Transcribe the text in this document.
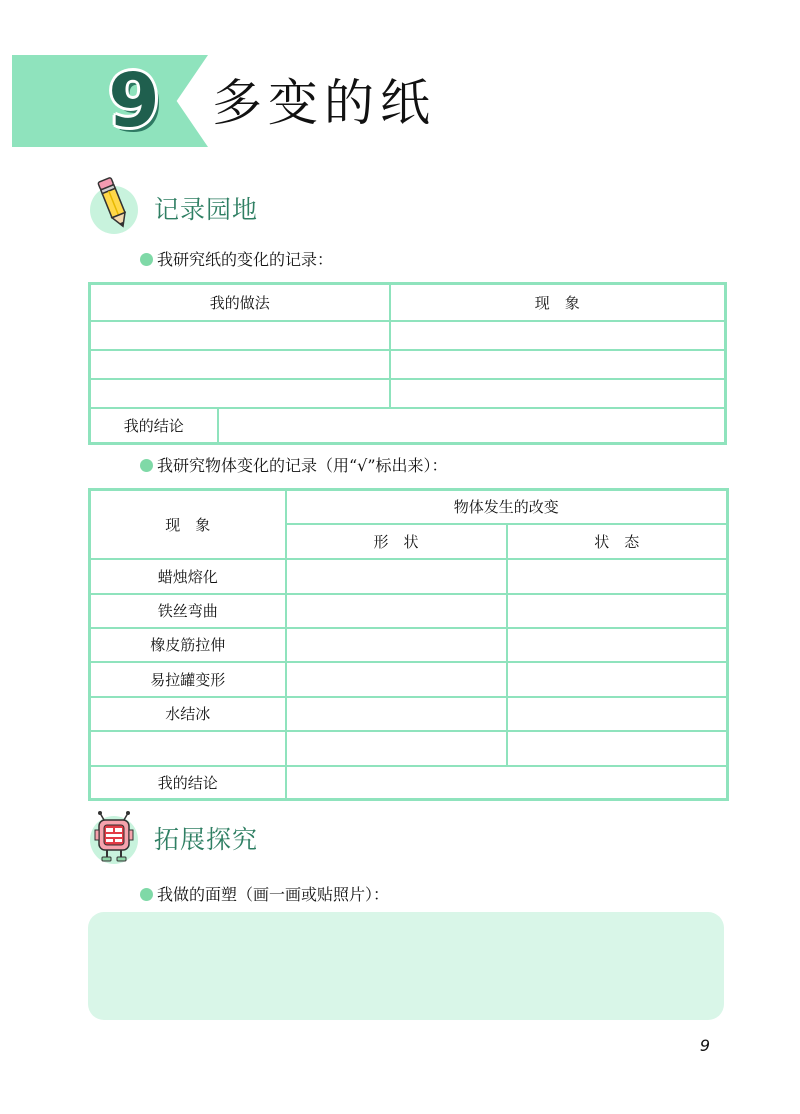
9 多变的纸
记录园地
我研究纸的变化的记录：
我的做法		现　象

我的结论		
我研究物体变化的记录（用“√”标出来）：
现　象	物体发生的改变	
	形　状	状　态
蜡烛熔化		
铁丝弯曲		
橡皮筋拉伸		
易拉罐变形		
水结冰		

我的结论		
拓展探究
我做的面塑（画一画或贴照片）：
9
